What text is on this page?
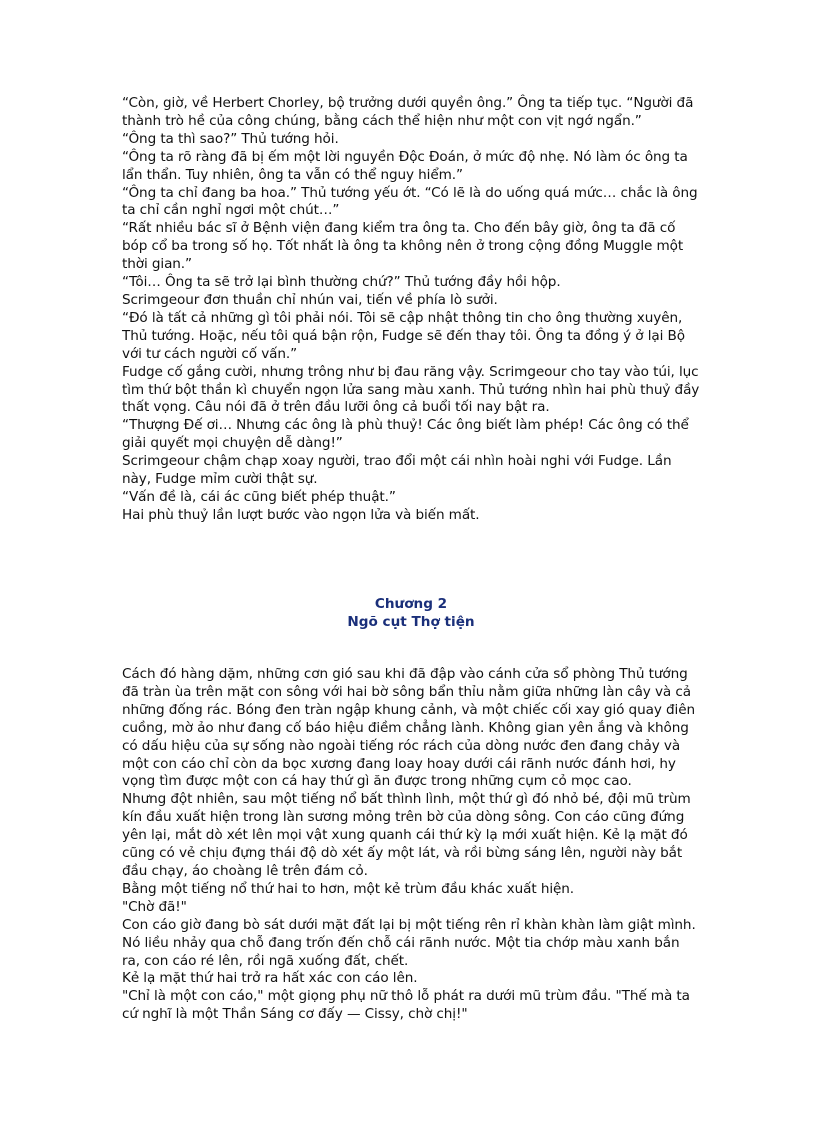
“Còn, giờ, về Herbert Chorley, bộ trưởng dưới quyền ông.” Ông ta tiếp tục. “Người đã thành trò hề của công chúng, bằng cách thể hiện như một con vịt ngớ ngẩn.”

“Ông ta thì sao?” Thủ tướng hỏi.

“Ông ta rõ ràng đã bị ếm một lời nguyền Độc Đoán, ở mức độ nhẹ. Nó làm óc ông ta lẩn thẩn. Tuy nhiên, ông ta vẫn có thể nguy hiểm.”

“Ông ta chỉ đang ba hoa.” Thủ tướng yếu ớt. “Có lẽ là do uống quá mức… chắc là ông ta chỉ cần nghỉ ngơi một chút…”

“Rất nhiều bác sĩ ở Bệnh viện đang kiểm tra ông ta. Cho đến bây giờ, ông ta đã cố bóp cổ ba trong số họ. Tốt nhất là ông ta không nên ở trong cộng đồng Muggle một thời gian.”

“Tôi… Ông ta sẽ trở lại bình thường chứ?” Thủ tướng đầy hồi hộp.

Scrimgeour đơn thuần chỉ nhún vai, tiến về phía lò sưởi.

“Đó là tất cả những gì tôi phải nói. Tôi sẽ cập nhật thông tin cho ông thường xuyên, Thủ tướng. Hoặc, nếu tôi quá bận rộn, Fudge sẽ đến thay tôi. Ông ta đồng ý ở lại Bộ với tư cách người cố vấn.”

Fudge cố gắng cười, nhưng trông như bị đau răng vậy. Scrimgeour cho tay vào túi, lục tìm thứ bột thần kì chuyển ngọn lửa sang màu xanh. Thủ tướng nhìn hai phù thuỷ đầy thất vọng. Câu nói đã ở trên đầu lưỡi ông cả buổi tối nay bật ra.

“Thượng Đế ơi… Nhưng các ông là phù thuỷ! Các ông biết làm phép! Các ông có thể giải quyết mọi chuyện dễ dàng!”

Scrimgeour chậm chạp xoay người, trao đổi một cái nhìn hoài nghi với Fudge. Lần này, Fudge mỉm cười thật sự.

“Vấn đề là, cái ác cũng biết phép thuật.”

Hai phù thuỷ lần lượt bước vào ngọn lửa và biến mất.

Chương 2
Ngõ cụt Thợ tiện

Cách đó hàng dặm, những cơn gió sau khi đã đập vào cánh cửa sổ phòng Thủ tướng đã tràn ùa trên mặt con sông với hai bờ sông bẩn thỉu nằm giữa những làn cây và cả những đống rác. Bóng đen tràn ngập khung cảnh, và một chiếc cối xay gió quay điên cuồng, mờ ảo như đang cố báo hiệu điềm chẳng lành. Không gian yên ắng và không có dấu hiệu của sự sống nào ngoài tiếng róc rách của dòng nước đen đang chảy và một con cáo chỉ còn da bọc xương đang loay hoay dưới cái rãnh nước đánh hơi, hy vọng tìm được một con cá hay thứ gì ăn được trong những cụm cỏ mọc cao.

Nhưng đột nhiên, sau một tiếng nổ bất thình lình, một thứ gì đó nhỏ bé, đội mũ trùm kín đầu xuất hiện trong làn sương mỏng trên bờ của dòng sông. Con cáo cũng đứng yên lại, mắt dò xét lên mọi vật xung quanh cái thứ kỳ lạ mới xuất hiện. Kẻ lạ mặt đó cũng có vẻ chịu đựng thái độ dò xét ấy một lát, và rồi bừng sáng lên, người này bắt đầu chạy, áo choàng lê trên đám cỏ.

Bằng một tiếng nổ thứ hai to hơn, một kẻ trùm đầu khác xuất hiện.

"Chờ đã!"

Con cáo giờ đang bò sát dưới mặt đất lại bị một tiếng rên rỉ khàn khàn làm giật mình. Nó liều nhảy qua chỗ đang trốn đến chỗ cái rãnh nước. Một tia chớp màu xanh bắn ra, con cáo ré lên, rồi ngã xuống đất, chết.

Kẻ lạ mặt thứ hai trở ra hất xác con cáo lên.

"Chỉ là một con cáo," một giọng phụ nữ thô lỗ phát ra dưới mũ trùm đầu. "Thế mà ta cứ nghĩ là một Thần Sáng cơ đấy — Cissy, chờ chị!"
